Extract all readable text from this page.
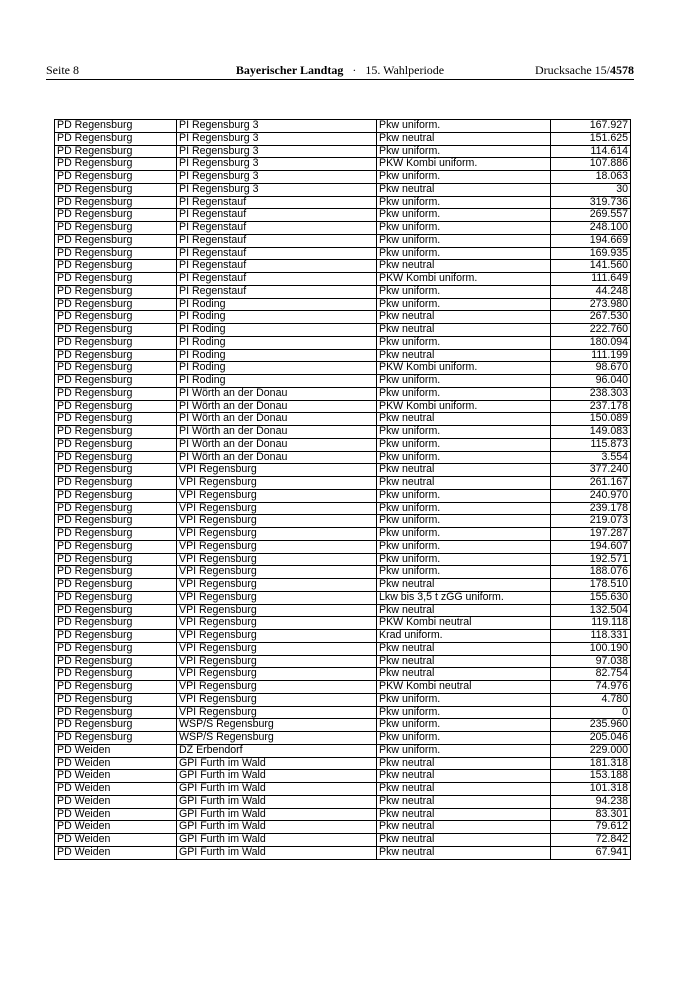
Seite 8	Bayerischer Landtag · 15. Wahlperiode	Drucksache 15/4578
PD Regensburg	PI Regensburg 3	Pkw uniform.	167.927
PD Regensburg	PI Regensburg 3	Pkw neutral	151.625
PD Regensburg	PI Regensburg 3	Pkw uniform.	114.614
PD Regensburg	PI Regensburg 3	PKW Kombi uniform.	107.886
PD Regensburg	PI Regensburg 3	Pkw uniform.	18.063
PD Regensburg	PI Regensburg 3	Pkw neutral	30
PD Regensburg	PI Regenstauf	Pkw uniform.	319.736
PD Regensburg	PI Regenstauf	Pkw uniform.	269.557
PD Regensburg	PI Regenstauf	Pkw uniform.	248.100
PD Regensburg	PI Regenstauf	Pkw uniform.	194.669
PD Regensburg	PI Regenstauf	Pkw uniform.	169.935
PD Regensburg	PI Regenstauf	Pkw neutral	141.560
PD Regensburg	PI Regenstauf	PKW Kombi uniform.	111.649
PD Regensburg	PI Regenstauf	Pkw uniform.	44.248
PD Regensburg	PI Roding	Pkw uniform.	273.980
PD Regensburg	PI Roding	Pkw neutral	267.530
PD Regensburg	PI Roding	Pkw neutral	222.760
PD Regensburg	PI Roding	Pkw uniform.	180.094
PD Regensburg	PI Roding	Pkw neutral	111.199
PD Regensburg	PI Roding	PKW Kombi uniform.	98.670
PD Regensburg	PI Roding	Pkw uniform.	96.040
PD Regensburg	PI Wörth an der Donau	Pkw uniform.	238.303
PD Regensburg	PI Wörth an der Donau	PKW Kombi uniform.	237.178
PD Regensburg	PI Wörth an der Donau	Pkw neutral	150.089
PD Regensburg	PI Wörth an der Donau	Pkw uniform.	149.083
PD Regensburg	PI Wörth an der Donau	Pkw uniform.	115.873
PD Regensburg	PI Wörth an der Donau	Pkw uniform.	3.554
PD Regensburg	VPI Regensburg	Pkw neutral	377.240
PD Regensburg	VPI Regensburg	Pkw neutral	261.167
PD Regensburg	VPI Regensburg	Pkw uniform.	240.970
PD Regensburg	VPI Regensburg	Pkw uniform.	239.178
PD Regensburg	VPI Regensburg	Pkw uniform.	219.073
PD Regensburg	VPI Regensburg	Pkw uniform.	197.287
PD Regensburg	VPI Regensburg	Pkw uniform.	194.607
PD Regensburg	VPI Regensburg	Pkw uniform.	192.571
PD Regensburg	VPI Regensburg	Pkw uniform.	188.076
PD Regensburg	VPI Regensburg	Pkw neutral	178.510
PD Regensburg	VPI Regensburg	Lkw bis 3,5 t zGG uniform.	155.630
PD Regensburg	VPI Regensburg	Pkw neutral	132.504
PD Regensburg	VPI Regensburg	PKW Kombi neutral	119.118
PD Regensburg	VPI Regensburg	Krad uniform.	118.331
PD Regensburg	VPI Regensburg	Pkw neutral	100.190
PD Regensburg	VPI Regensburg	Pkw neutral	97.038
PD Regensburg	VPI Regensburg	Pkw neutral	82.754
PD Regensburg	VPI Regensburg	PKW Kombi neutral	74.976
PD Regensburg	VPI Regensburg	Pkw uniform.	4.780
PD Regensburg	VPI Regensburg	Pkw uniform.	0
PD Regensburg	WSP/S Regensburg	Pkw uniform.	235.960
PD Regensburg	WSP/S Regensburg	Pkw uniform.	205.046
PD Weiden	DZ Erbendorf	Pkw uniform.	229.000
PD Weiden	GPI Furth im Wald	Pkw neutral	181.318
PD Weiden	GPI Furth im Wald	Pkw neutral	153.188
PD Weiden	GPI Furth im Wald	Pkw neutral	101.318
PD Weiden	GPI Furth im Wald	Pkw neutral	94.238
PD Weiden	GPI Furth im Wald	Pkw neutral	83.301
PD Weiden	GPI Furth im Wald	Pkw neutral	79.612
PD Weiden	GPI Furth im Wald	Pkw neutral	72.842
PD Weiden	GPI Furth im Wald	Pkw neutral	67.941
